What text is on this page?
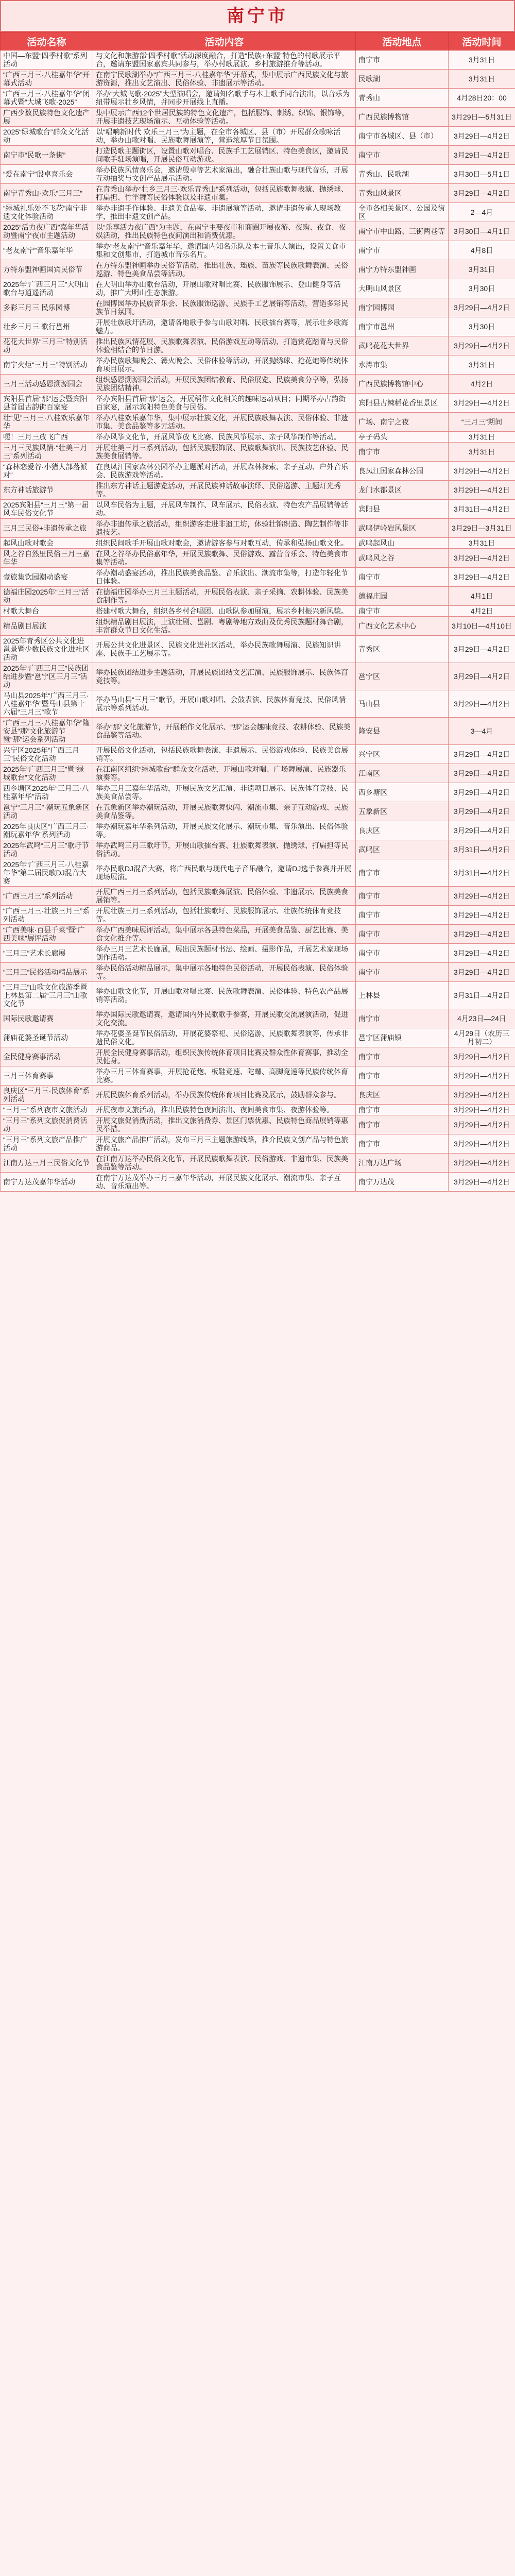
南宁市
活动名称	活动内容	活动地点	活动时间
中国—东盟“四季村歌”系列活动	与文化和旅游部“四季村歌”活动深度融合，打造“民族+东盟”特色的村歌展示平台，邀请东盟国家嘉宾共同参与，举办村歌展演、乡村旅游推介等活动。	南宁市	3月31日
“广西三月三·八桂嘉年华”开幕式活动	在南宁民歌湖举办“广西三月三·八桂嘉年华”开幕式，集中展示广西民族文化与旅游资源，推出文艺演出、民俗体验、非遗展示等活动。	民歌湖	3月31日
“广西三月三·八桂嘉年华”闭幕式暨“大城飞歌·2025”	举办“大城飞歌·2025”大型演唱会，邀请知名歌手与本土歌手同台演出，以音乐为纽带展示壮乡风情，并同步开展线上直播。	青秀山	4月28日20：00
广西少数民族特色文化遗产展	集中展示广西12个世居民族的特色文化遗产，包括服饰、刺绣、织锦、银饰等，开展非遗技艺现场演示、互动体验等活动。	广西民族博物馆	3月29日—5月31日
2025“绿城歌台”群众文化活动	以“唱响新时代 欢乐三月三”为主题，在全市各城区、县（市）开展群众歌咏活动，举办山歌对唱、民族歌舞展演等，营造浓厚节日氛围。	南宁市各城区、县（市）	3月29日—4月2日
南宁市“民歌一条街”	打造民歌主题街区，设置山歌对唱台、民族手工艺展销区、特色美食区，邀请民间歌手驻场演唱，开展民俗互动游戏。	南宁市	3月29日—4月2日
“爱在南宁”殷卓喜乐会	举办民族风情喜乐会，邀请殷卓等艺术家演出，融合壮族山歌与现代音乐，开展互动抽奖与文创产品展示活动。	青秀山、民歌湖	3月30日—5月1日
南宁青秀山·欢乐“三月三”	在青秀山举办“壮乡三月三·欢乐青秀山”系列活动，包括民族歌舞表演、抛绣球、打扁担、竹竿舞等民俗体验以及非遗市集。	青秀山风景区	3月29日—4月2日
“绿城礼乐处不飞花”南宁非遗文化体验活动	举办非遗手作体验、非遗美食品鉴、非遗展演等活动，邀请非遗传承人现场教学，推出非遗文创产品。	全市各相关景区、公园及街区	2—4月
2025“活力夜广西”嘉年华活动暨南宁夜市主题活动	以“乐享活力夜广西”为主题，在南宁主要夜市和商圈开展夜游、夜购、夜食、夜娱活动，推出民族特色夜间演出和消费优惠。	南宁市中山路、三街两巷等	3月30日—4月1日
“老友南宁”音乐嘉年华	举办“老友南宁”音乐嘉年华，邀请国内知名乐队及本土音乐人演出，设置美食市集和文创集市，打造城市音乐名片。	南宁市	4月8日
方特东盟神画国宾民俗节	在方特东盟神画举办民俗节活动，推出壮族、瑶族、苗族等民族歌舞表演、民俗巡游、特色美食品尝等活动。	南宁方特东盟神画	3月31日
2025年“广西三月三”大明山歌台与逍遥活动	在大明山举办山歌台活动，开展山歌对唱比赛、民族服饰展示、登山健身等活动，推广大明山生态旅游。	大明山风景区	3月30日
多彩三月三 民乐园博	在园博园举办民族音乐会、民族服饰巡游、民族手工艺展销等活动，营造多彩民族节日氛围。	南宁园博园	3月29日—4月2日
壮乡三月三 歌行邕州	开展壮族歌圩活动，邀请各地歌手参与山歌对唱、民歌擂台赛等，展示壮乡歌海魅力。	南宁市邕州	3月30日
花花大世界“三月三”特别活动	推出民族风情花展、民族歌舞表演、民俗游戏互动等活动，打造赏花踏青与民俗体验相结合的节日游。	武鸣花花大世界	3月29日—4月2日
南宁火炬“三月三”特别活动	举办民族歌舞晚会、篝火晚会、民俗体验等活动，开展抛绣球、抢花炮等传统体育项目展示。	水涛市集	3月31日
三月三活动感恩溯源园会	组织感恩溯源园会活动，开展民族团结教育、民俗展览、民族美食分享等，弘扬民族团结精神。	广西民族博物馆中心	4月2日
宾阳县首届“那”运会暨宾阳县首届古韵街百家宴	举办宾阳县首届“那”运会，开展稻作文化相关的趣味运动项目；同期举办古韵街百家宴，展示宾阳特色美食与民俗。	宾阳县古辣稻花香里景区	3月29日—4月2日
壮“见”三月三·八桂欢乐嘉年华	举办八桂欢乐嘉年华，集中展示壮族文化，开展民族歌舞表演、民俗体验、非遗市集、美食品鉴等多元活动。	广场、南宁之夜	“三月三”期间
嘿！三月三放飞广西	举办风筝文化节，开展风筝放飞比赛、民族风筝展示、亲子风筝制作等活动。	亭子码头	3月31日
三月三民族风情·“壮美三月三”系列活动	开展壮美三月三系列活动，包括民族服饰展、民族歌舞演出、民族技艺体验、民族美食展销等。	南宁市	3月31日
“森林恋爱谷·小猪人部落派对”	在良凤江国家森林公园举办主题派对活动，开展森林探索、亲子互动、户外音乐会、民族游戏等活动。	良凤江国家森林公园	3月29日—4月2日
东方神话旅游节	推出东方神话主题游览活动，开展民族神话故事演绎、民俗巡游、主题灯光秀等。	龙门水都景区	3月29日—4月2日
2025宾阳县“三月三”第一届风车民俗文化节	以风车民俗为主题，开展风车制作、风车展示、民俗表演、特色农产品展销等活动。	宾阳县	3月31日—4月2日
三月三民俗+非遗传承之旅	举办非遗传承之旅活动，组织游客走进非遗工坊，体验壮锦织造、陶艺制作等非遗技艺。	武鸣伊岭岩风景区	3月29日—3月31日
起风山歌对歌会	组织民间歌手开展山歌对歌会，邀请游客参与对歌互动，传承和弘扬山歌文化。	武鸣起风山	3月31日
风之谷自然里民俗三月三嘉年华	在风之谷举办民俗嘉年华，开展民族歌舞、民俗游戏、露营音乐会、特色美食市集等活动。	武鸣风之谷	3月29日—4月2日
壹旅集饮园潮动盛宴	举办潮动盛宴活动，推出民族美食品鉴、音乐演出、潮流市集等，打造年轻化节日体验。	南宁市	3月29日—4月2日
德福庄园2025年“三月三”活动	在德福庄园举办三月三主题活动，开展民俗表演、亲子采摘、农耕体验、民族美食制作等。	德福庄园	4月1日
村歌大舞台	搭建村歌大舞台，组织各乡村合唱团、山歌队参加展演，展示乡村振兴新风貌。	南宁市	4月2日
精品剧目展演	组织精品剧目展演，上演壮剧、邕剧、粤剧等地方戏曲及优秀民族题材舞台剧，丰富群众节日文化生活。	广西文化艺术中心	3月10日—4月10日
2025年青秀区公共文化进邕景暨少数民族文化进社区活动	开展公共文化进景区、民族文化进社区活动，举办民族歌舞展演、民族知识讲座、民族手工艺展示等。	青秀区	3月29日—4月2日
2025年“广西三月三”民族团结进步暨“邕宁区三月三”活动	举办民族团结进步主题活动，开展民族团结文艺汇演、民族服饰展示、民族体育竞技等。	邕宁区	3月29日—4月2日
马山县2025年“广西三月三·八桂嘉年华”暨马山县第十六届“三月三”歌节	举办马山县“三月三”歌节，开展山歌对唱、会鼓表演、民族体育竞技、民俗风情展示等系列活动。	马山县	3月29日—4月2日
“广西三月三·八桂嘉年华”隆安县“那”文化旅游节暨“那”运会系列活动	举办“那”文化旅游节，开展稻作文化展示、“那”运会趣味竞技、农耕体验、民族美食品鉴等活动。	隆安县	3—4月
兴宁区2025年“广西三月三”民俗文化活动	开展民俗文化活动，包括民族歌舞表演、非遗展示、民俗游戏体验、民族美食展销等。	兴宁区	3月29日—4月2日
2025年“广西三月三”暨“绿城歌台”文化活动	在江南区组织“绿城歌台”群众文化活动，开展山歌对唱、广场舞展演、民族器乐演奏等。	江南区	3月29日—4月2日
西乡塘区2025年“三月三·八桂嘉年华”活动	举办三月三嘉年华活动，开展民族文艺汇演、非遗项目展示、民族体育竞技、民族美食品尝等。	西乡塘区	3月29日—4月2日
邕宁“三月三”·潮玩五象新区活动	在五象新区举办潮玩活动，开展民族歌舞快闪、潮流市集、亲子互动游戏、民族美食品鉴等。	五象新区	3月29日—4月2日
2025年良庆区“广西三月三·潮玩嘉年华”系列活动	举办潮玩嘉年华系列活动，开展民族文化展示、潮玩市集、音乐演出、民俗体验等。	良庆区	3月29日—4月2日
2025年武鸣“三月三”歌圩节活动	举办武鸣三月三歌圩节，开展山歌擂台赛、壮族歌舞表演、抛绣球、打扁担等民俗活动。	武鸣区	3月31日—4月2日
2025年“广西三月三·八桂嘉年华”第二届民歌DJ混音大赛	举办民歌DJ混音大赛，将广西民歌与现代电子音乐融合，邀请DJ选手参赛并开展现场展演。	南宁市	3月31日—4月2日
“广西三月三”系列活动	开展广西三月三系列活动，包括民族歌舞展演、民俗体验、非遗展示、民族美食展销等。	南宁市	3月29日—4月2日
“广西三月三·壮族三月三”系列活动	开展壮族三月三系列活动，包括壮族歌圩、民族服饰展示、壮族传统体育竞技等。	南宁市	3月29日—4月2日
“广西美味·百县千菜”暨“广西美味”展评活动	举办广西美味展评活动，集中展示各县特色菜品，开展美食品鉴、厨艺比赛、美食文化推介等。	南宁市	3月29日—4月2日
“三月三”艺术长廊展	举办三月三艺术长廊展，展出民族题材书法、绘画、摄影作品，开展艺术家现场创作活动。	南宁市	3月29日—4月2日
“三月三”民俗活动精品展示	举办民俗活动精品展示，集中展示各地特色民俗活动，开展民俗表演、民俗体验等。	南宁市	3月29日—4月2日
“三月三”山歌文化旅游季暨上林县第二届“三月三”山歌文化节	举办山歌文化节，开展山歌对唱比赛、民族歌舞表演、民俗体验、特色农产品展销等活动。	上林县	3月31日—4月2日
国际民歌邀请赛	举办国际民歌邀请赛，邀请国内外民歌歌手参赛，开展民歌交流展演活动，促进文化交流。	南宁市	4月23日—24日
蒲庙花婆圣诞节活动	举办花婆圣诞节民俗活动，开展花婆祭祀、民俗巡游、民族歌舞表演等，传承非遗民俗文化。	邕宁区蒲庙镇	4月29日（农历三月初二）
全民健身赛事活动	开展全民健身赛事活动，组织民族传统体育项目比赛及群众性体育赛事，推动全民健身。	南宁市	3月29日—4月2日
三月三体育赛事	举办三月三体育赛事，开展抢花炮、板鞋竞速、陀螺、高脚竞速等民族传统体育比赛。	南宁市	3月29日—4月2日
良庆区“三月三·民族体育”系列活动	开展民族体育系列活动，举办民族传统体育项目比赛及展示，鼓励群众参与。	良庆区	3月29日—4月2日
“三月三”系列夜市文旅活动	开展夜市文旅活动，推出民族特色夜间演出、夜间美食市集、夜游体验等。	南宁市	3月29日—4月2日
“三月三”系列文旅促消费活动	开展文旅促消费活动，推出文旅消费券、景区门票优惠、民族特色商品展销等惠民举措。	南宁市	3月29日—4月2日
“三月三”系列文旅产品推广活动	开展文旅产品推广活动，发布三月三主题旅游线路，推介民族文创产品与特色旅游商品。	南宁市	3月29日—4月2日
江南万达三月三民俗文化节	在江南万达举办民俗文化节，开展民族歌舞表演、民俗游戏、非遗市集、民族美食品鉴等活动。	江南万达广场	3月29日—4月2日
南宁万达茂嘉年华活动	在南宁万达茂举办三月三嘉年华活动，开展民族文化展示、潮流市集、亲子互动、音乐演出等。	南宁万达茂	3月29日—4月2日
